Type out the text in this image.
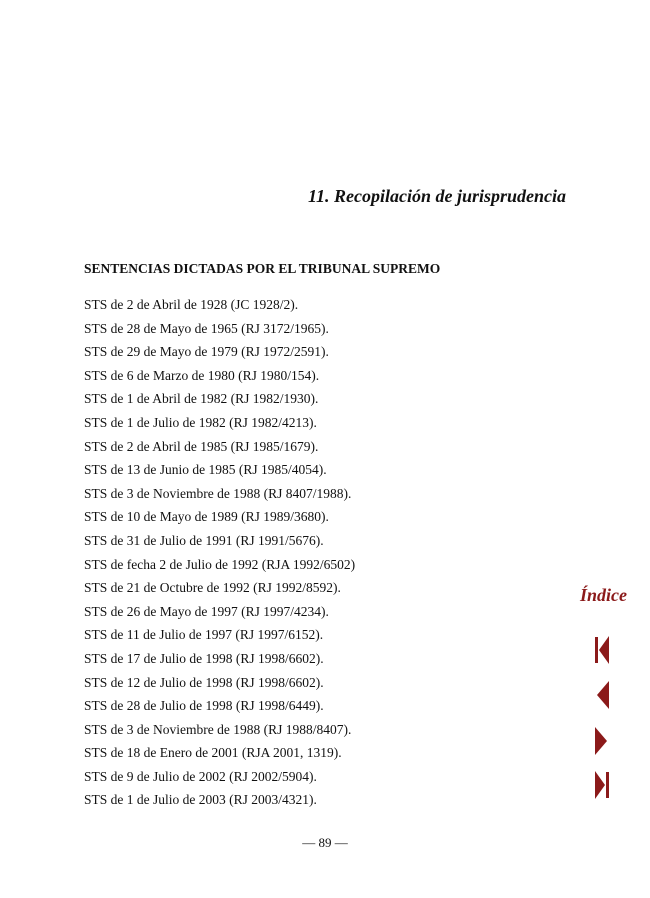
11. Recopilación de jurisprudencia
SENTENCIAS DICTADAS POR EL TRIBUNAL SUPREMO
STS de 2 de Abril de 1928 (JC 1928/2).
STS de 28 de Mayo de 1965 (RJ 3172/1965).
STS de 29 de Mayo de 1979 (RJ 1972/2591).
STS de 6 de Marzo de 1980 (RJ 1980/154).
STS de 1 de Abril de 1982 (RJ 1982/1930).
STS de 1 de Julio de 1982 (RJ 1982/4213).
STS de 2 de Abril de 1985 (RJ 1985/1679).
STS de 13 de Junio de 1985 (RJ 1985/4054).
STS de 3 de Noviembre de 1988 (RJ 8407/1988).
STS de 10 de Mayo de 1989 (RJ 1989/3680).
STS de 31 de Julio de 1991 (RJ 1991/5676).
STS de fecha 2 de Julio de 1992 (RJA 1992/6502)
STS de 21 de Octubre de 1992 (RJ 1992/8592).
STS de 26 de Mayo de 1997 (RJ 1997/4234).
STS de 11 de Julio de 1997 (RJ 1997/6152).
STS de 17 de Julio de 1998 (RJ 1998/6602).
STS de 12 de Julio de 1998 (RJ 1998/6602).
STS de 28 de Julio de 1998 (RJ 1998/6449).
STS de 3 de Noviembre de 1988 (RJ 1988/8407).
STS de 18 de Enero de 2001 (RJA 2001, 1319).
STS de 9 de Julio de 2002 (RJ 2002/5904).
STS de 1 de Julio de 2003 (RJ 2003/4321).
— 89 —
Índice
